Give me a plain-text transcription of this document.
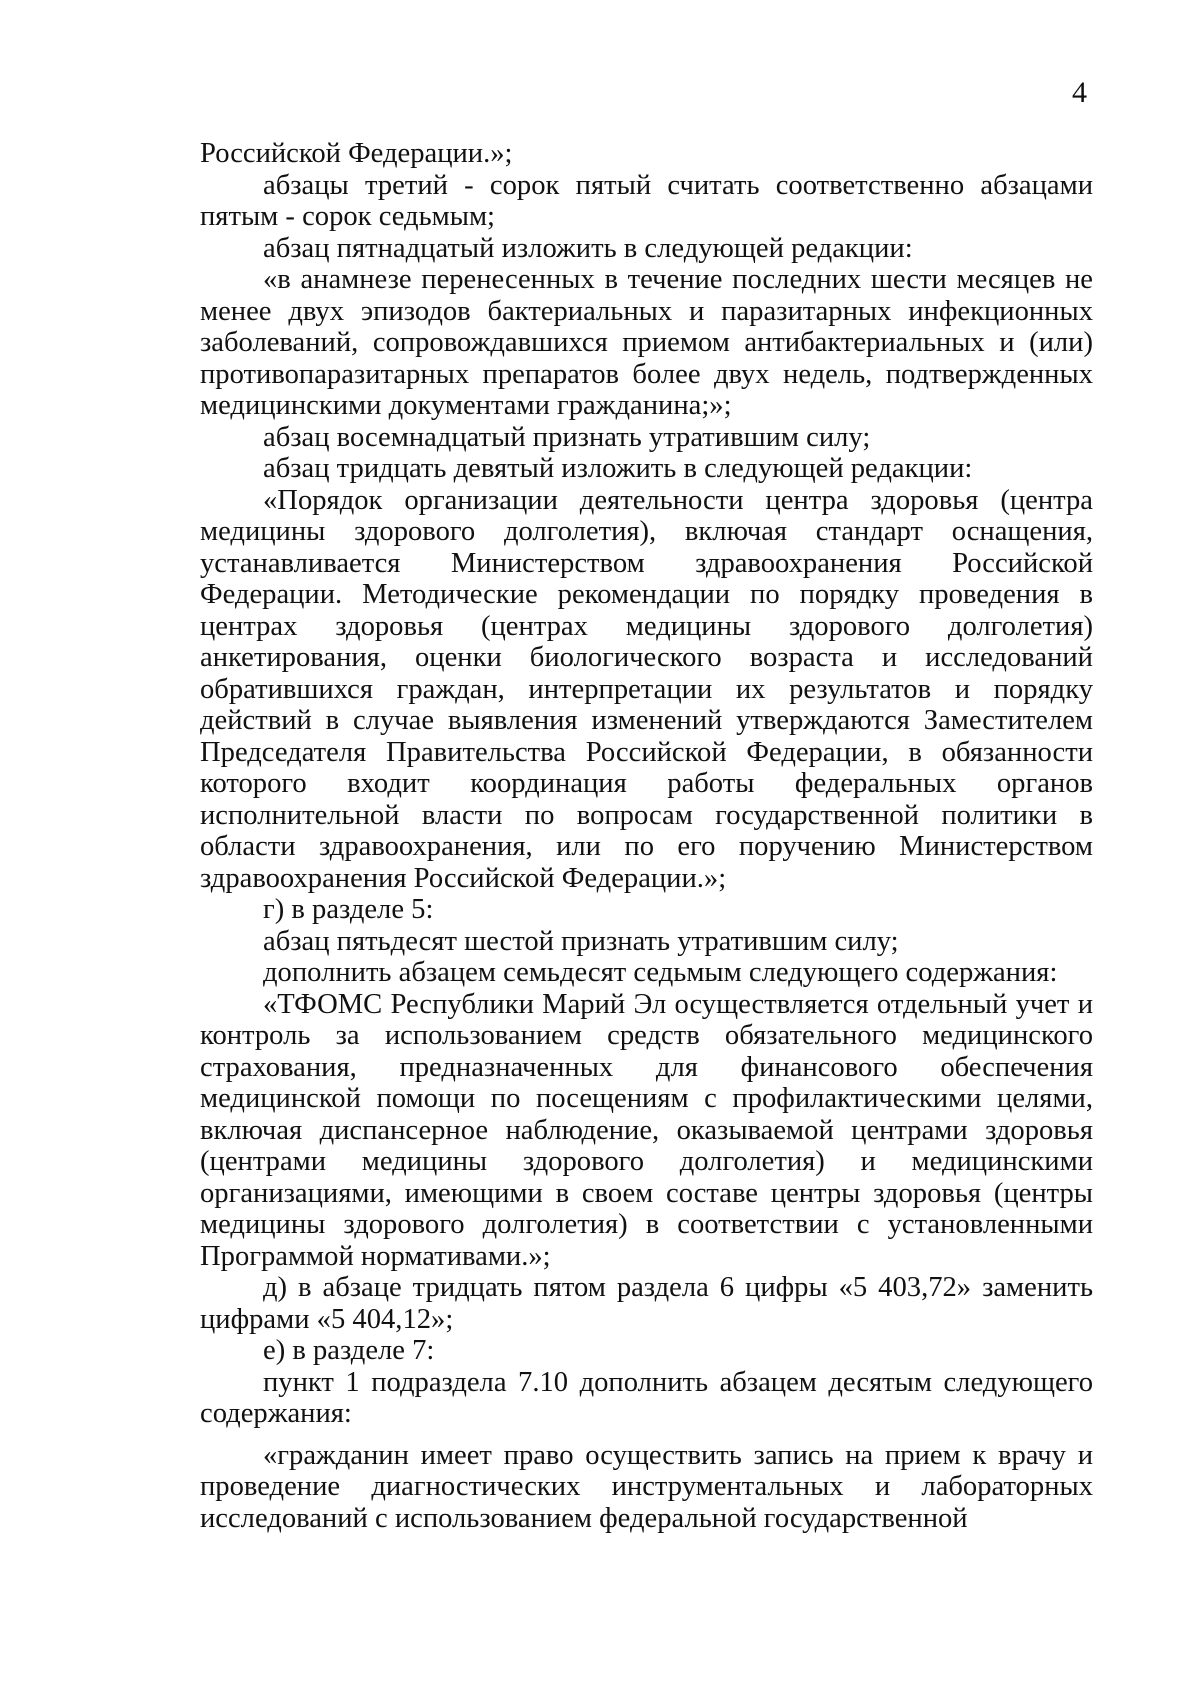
4

Российской Федерации.»;

абзацы третий - сорок пятый считать соответственно абзацами пятым - сорок седьмым;

абзац пятнадцатый изложить в следующей редакции:

«в анамнезе перенесенных в течение последних шести месяцев не менее двух эпизодов бактериальных и паразитарных инфекционных заболеваний, сопровождавшихся приемом антибактериальных и (или) противопаразитарных препаратов более двух недель, подтвержденных медицинскими документами гражданина;»;

абзац восемнадцатый признать утратившим силу;

абзац тридцать девятый изложить в следующей редакции:

«Порядок организации деятельности центра здоровья (центра медицины здорового долголетия), включая стандарт оснащения, устанавливается Министерством здравоохранения Российской Федерации. Методические рекомендации по порядку проведения в центрах здоровья (центрах медицины здорового долголетия) анкетирования, оценки биологического возраста и исследований обратившихся граждан, интерпретации их результатов и порядку действий в случае выявления изменений утверждаются Заместителем Председателя Правительства Российской Федерации, в обязанности которого входит координация работы федеральных органов исполнительной власти по вопросам государственной политики в области здравоохранения, или по его поручению Министерством здравоохранения Российской Федерации.»;

г) в разделе 5:

абзац пятьдесят шестой признать утратившим силу;

дополнить абзацем семьдесят седьмым следующего содержания:

«ТФОМС Республики Марий Эл осуществляется отдельный учет и контроль за использованием средств обязательного медицинского страхования, предназначенных для финансового обеспечения медицинской помощи по посещениям с профилактическими целями, включая диспансерное наблюдение, оказываемой центрами здоровья (центрами медицины здорового долголетия) и медицинскими организациями, имеющими в своем составе центры здоровья (центры медицины здорового долголетия) в соответствии с установленными Программой нормативами.»;

д) в абзаце тридцать пятом раздела 6 цифры «5 403,72» заменить цифрами «5 404,12»;

е) в разделе 7:

пункт 1 подраздела 7.10 дополнить абзацем десятым следующего содержания:

«гражданин имеет право осуществить запись на прием к врачу и проведение диагностических инструментальных и лабораторных исследований с использованием федеральной государственной
